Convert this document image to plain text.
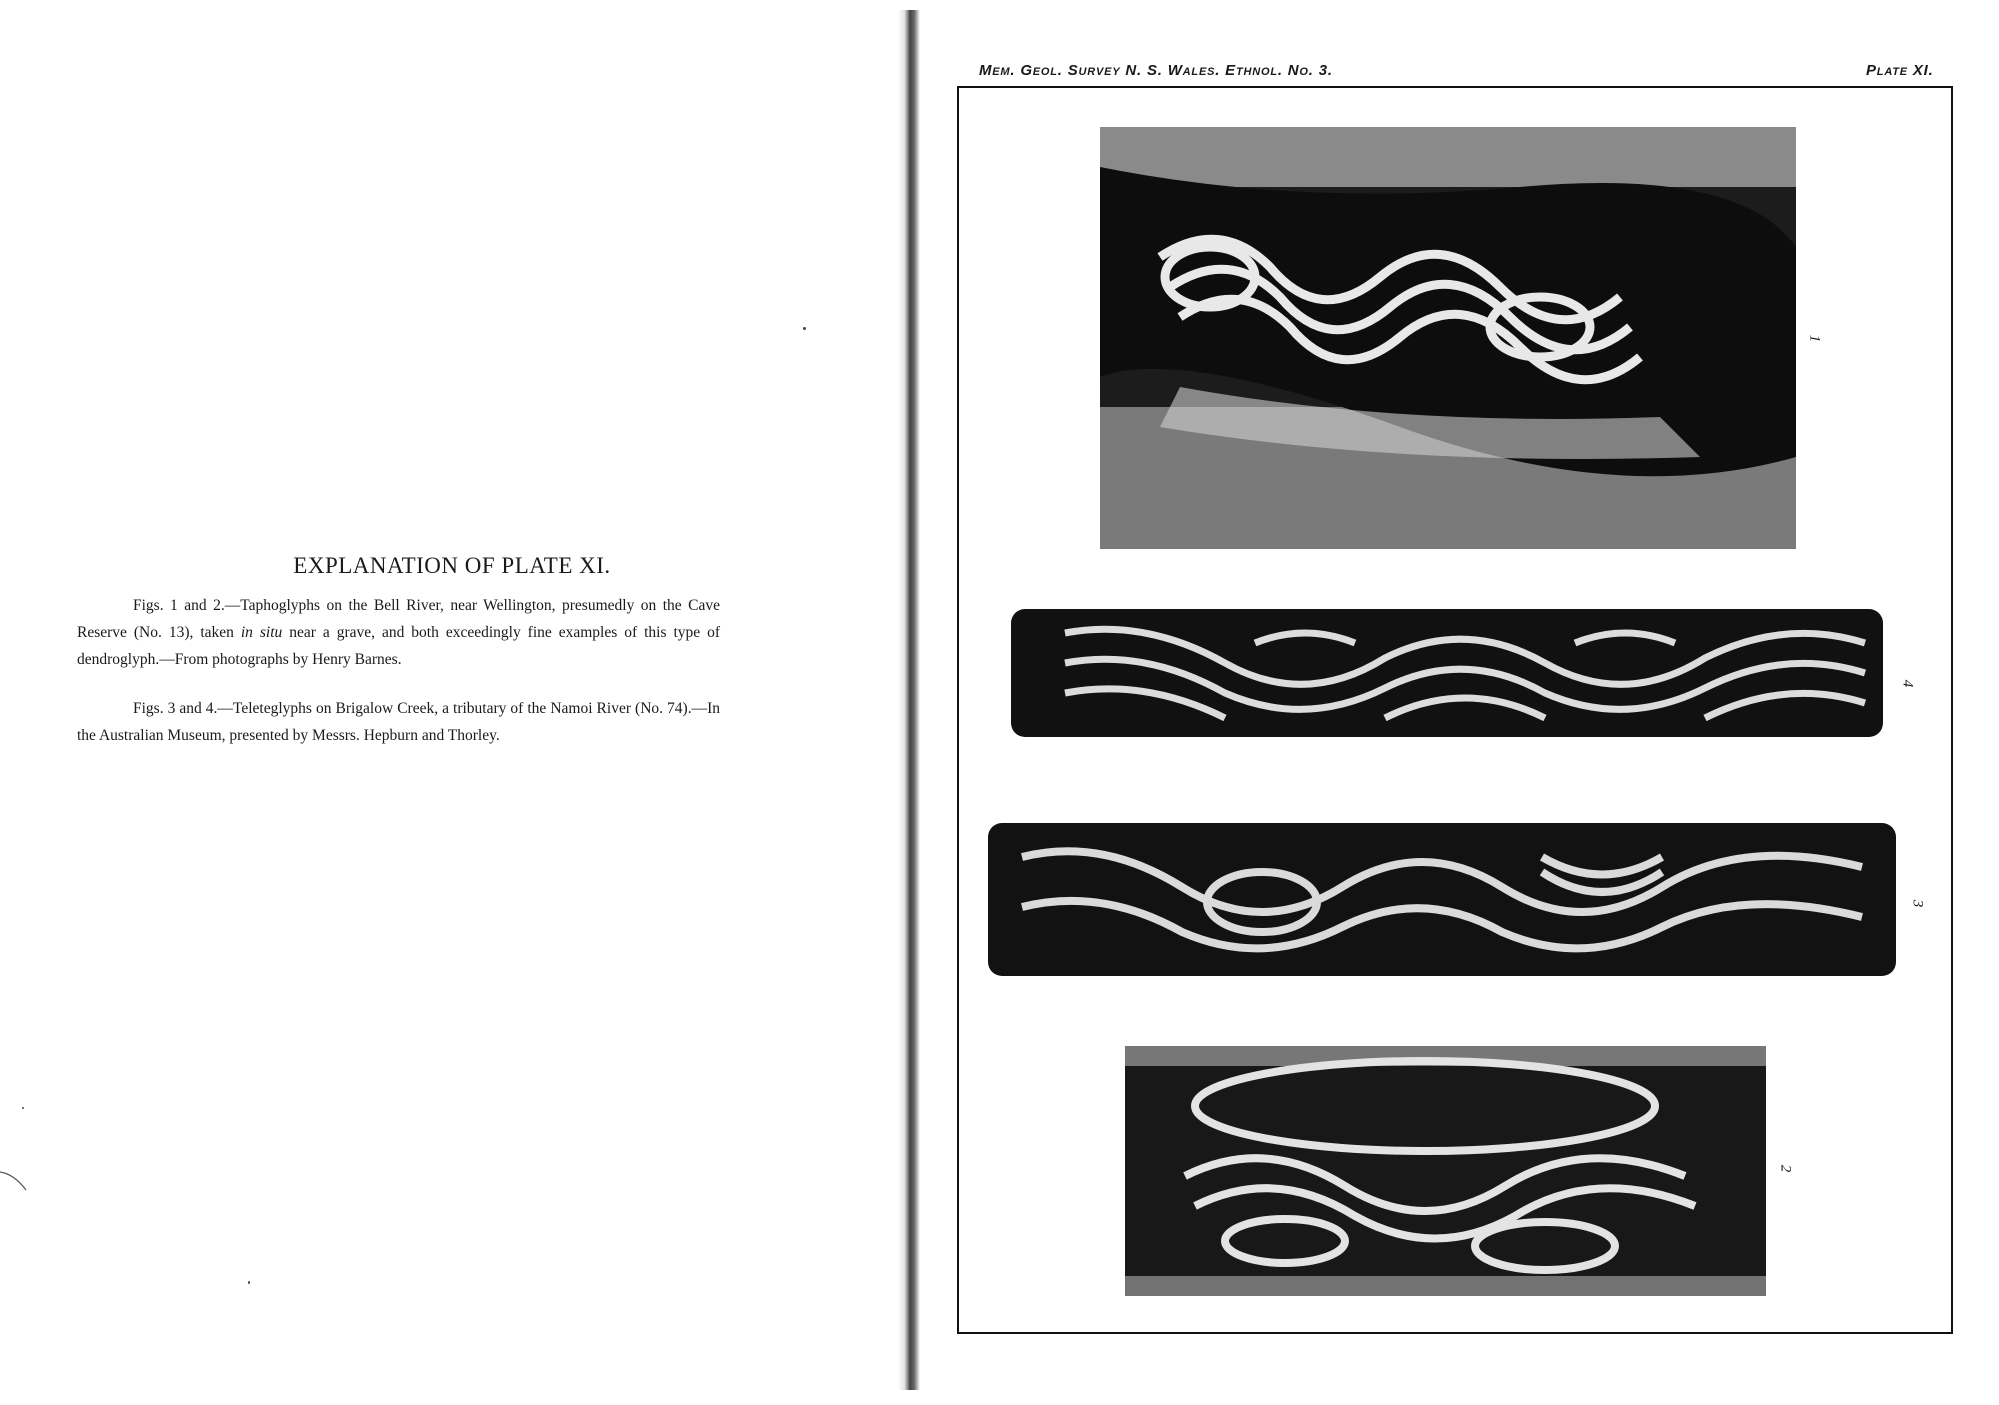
EXPLANATION OF PLATE XI.
Figs. 1 and 2.—Taphoglyphs on the Bell River, near Wellington, presumedly on the Cave Reserve (No. 13), taken in situ near a grave, and both exceedingly fine examples of this type of dendroglyph.—From photographs by Henry Barnes.
Figs. 3 and 4.—Teleteglyphs on Brigalow Creek, a tributary of the Namoi River (No. 74).—In the Australian Museum, presented by Messrs. Hepburn and Thorley.
Mem. Geol. Survey N. S. Wales. Ethnol. No. 3.	Plate XI.
1
4
3
2
